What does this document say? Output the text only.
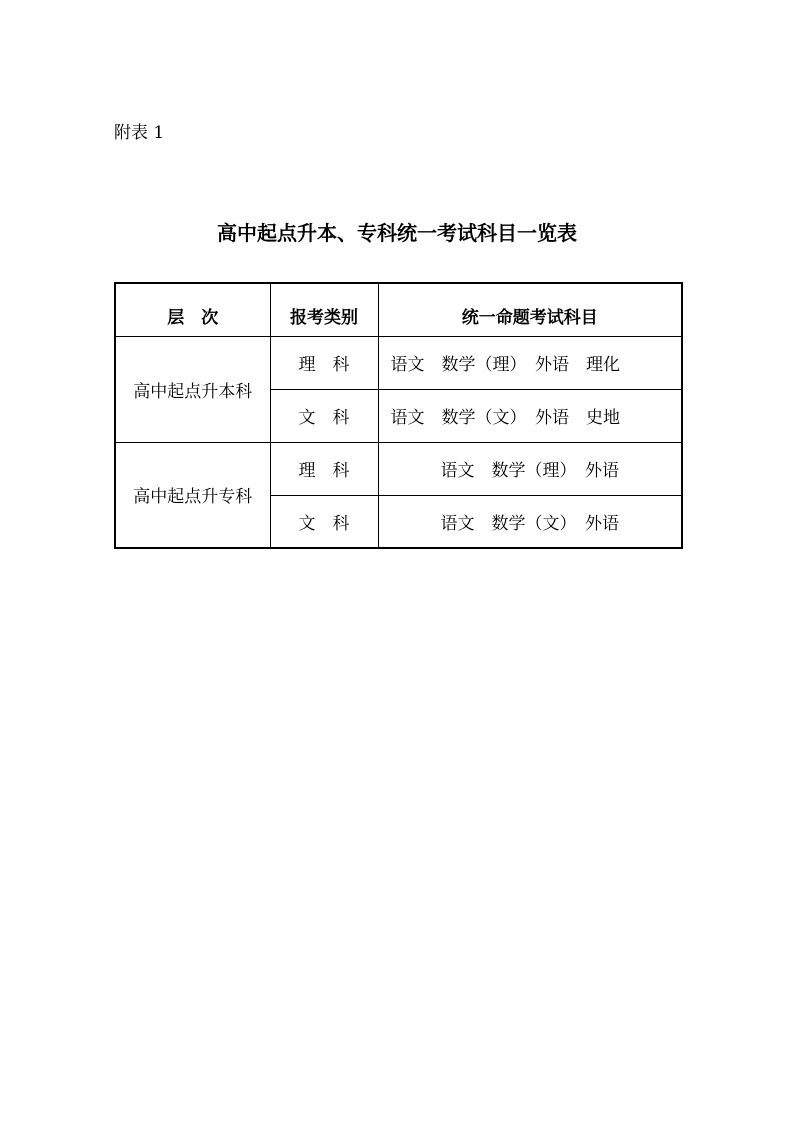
附表 1
高中起点升本、专科统一考试科目一览表
层　次	报考类别	统一命题考试科目
高中起点升本科	理　科	语文　数学（理）　外语　理化
	文　科	语文　数学（文）　外语　史地
高中起点升专科	理　科	语文　数学（理）　外语
	文　科	语文　数学（文）　外语
